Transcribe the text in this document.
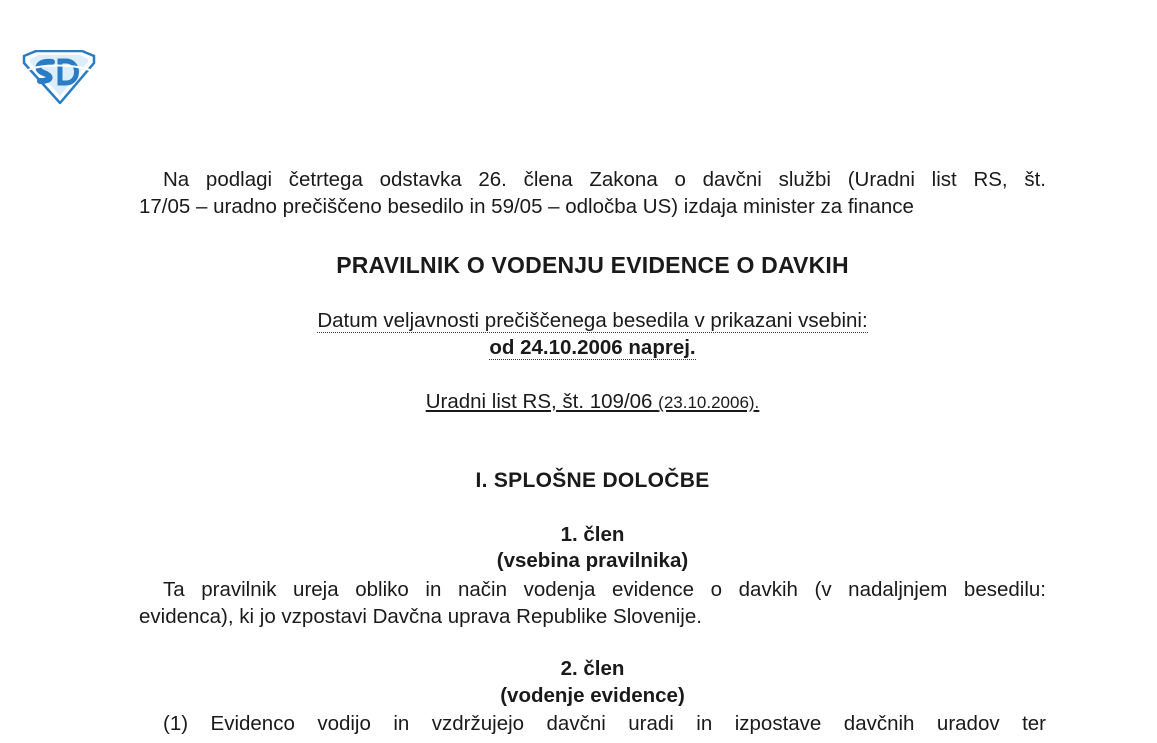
Na podlagi četrtega odstavka 26. člena Zakona o davčni službi (Uradni list RS, št.
17/05 – uradno prečiščeno besedilo in 59/05 – odločba US) izdaja minister za finance
PRAVILNIK O VODENJU EVIDENCE O DAVKIH
Datum veljavnosti prečiščenega besedila v prikazani vsebini:
od 24.10.2006 naprej.
Uradni list RS, št. 109/06 (23.10.2006).
I. SPLOŠNE DOLOČBE
1. člen
(vsebina pravilnika)
Ta pravilnik ureja obliko in način vodenja evidence o davkih (v nadaljnjem besedilu:
evidenca), ki jo vzpostavi Davčna uprava Republike Slovenije.
2. člen
(vodenje evidence)
(1) Evidenco vodijo in vzdržujejo davčni uradi in izpostave davčnih uradov ter
